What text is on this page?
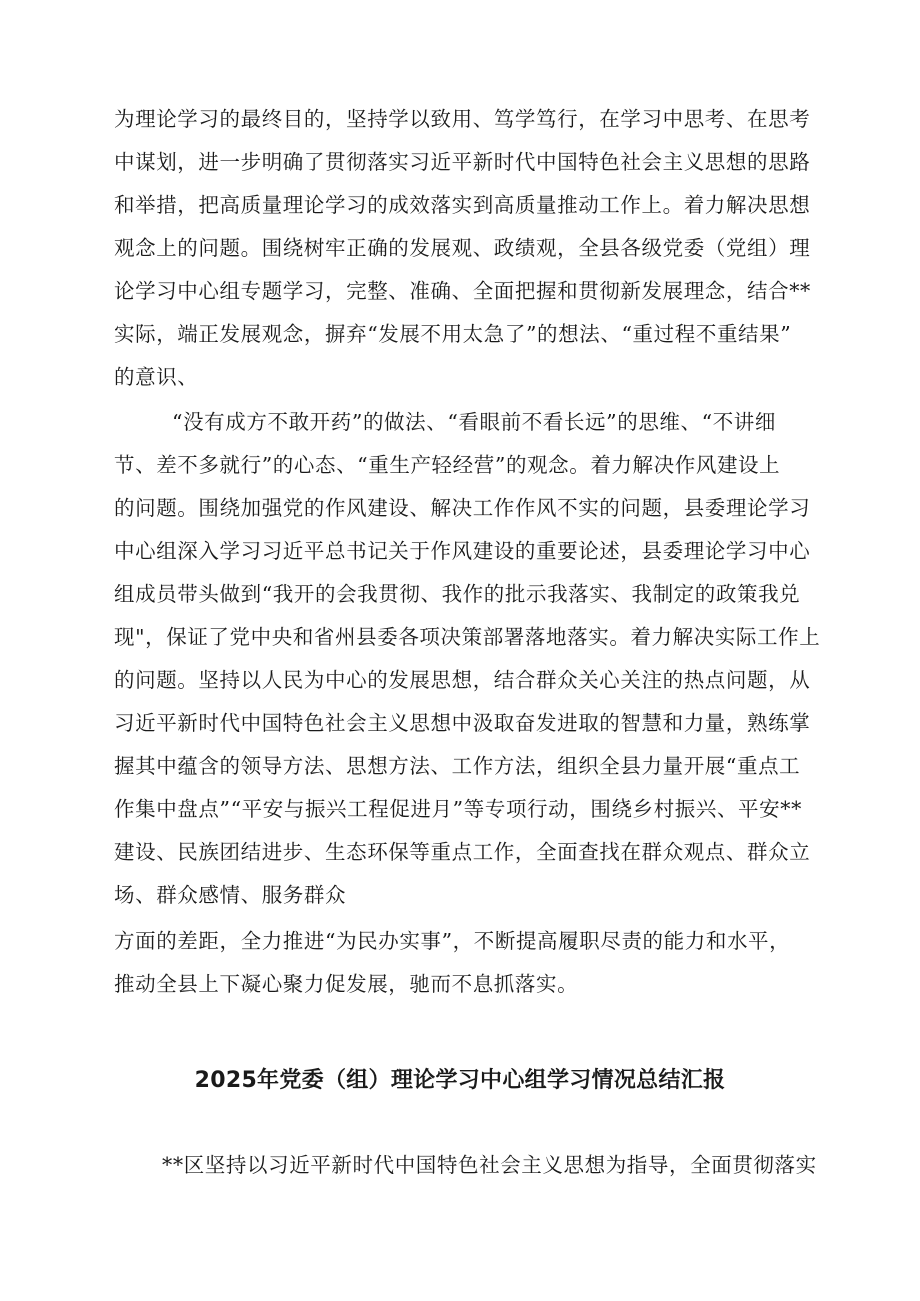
为理论学习的最终目的，坚持学以致用、笃学笃行，在学习中思考、在思考
中谋划，进一步明确了贯彻落实习近平新时代中国特色社会主义思想的思路
和举措，把高质量理论学习的成效落实到高质量推动工作上。着力解决思想
观念上的问题。围绕树牢正确的发展观、政绩观，全县各级党委（党组）理
论学习中心组专题学习，完整、准确、全面把握和贯彻新发展理念，结合**
实际，端正发展观念，摒弃“发展不用太急了”的想法、“重过程不重结果”
的意识、
“没有成方不敢开药”的做法、“看眼前不看长远”的思维、“不讲细
节、差不多就行”的心态、“重生产轻经营”的观念。着力解决作风建设上
的问题。围绕加强党的作风建设、解决工作作风不实的问题，县委理论学习
中心组深入学习习近平总书记关于作风建设的重要论述，县委理论学习中心
组成员带头做到“我开的会我贯彻、我作的批示我落实、我制定的政策我兑
现"，保证了党中央和省州县委各项决策部署落地落实。着力解决实际工作上
的问题。坚持以人民为中心的发展思想，结合群众关心关注的热点问题，从
习近平新时代中国特色社会主义思想中汲取奋发进取的智慧和力量，熟练掌
握其中蕴含的领导方法、思想方法、工作方法，组织全县力量开展“重点工
作集中盘点”“平安与振兴工程促进月”等专项行动，围绕乡村振兴、平安**
建设、民族团结进步、生态环保等重点工作，全面查找在群众观点、群众立
场、群众感情、服务群众
方面的差距，全力推进“为民办实事”，不断提高履职尽责的能力和水平，
推动全县上下凝心聚力促发展，驰而不息抓落实。
2025年党委（组）理论学习中心组学习情况总结汇报
**区坚持以习近平新时代中国特色社会主义思想为指导，全面贯彻落实
